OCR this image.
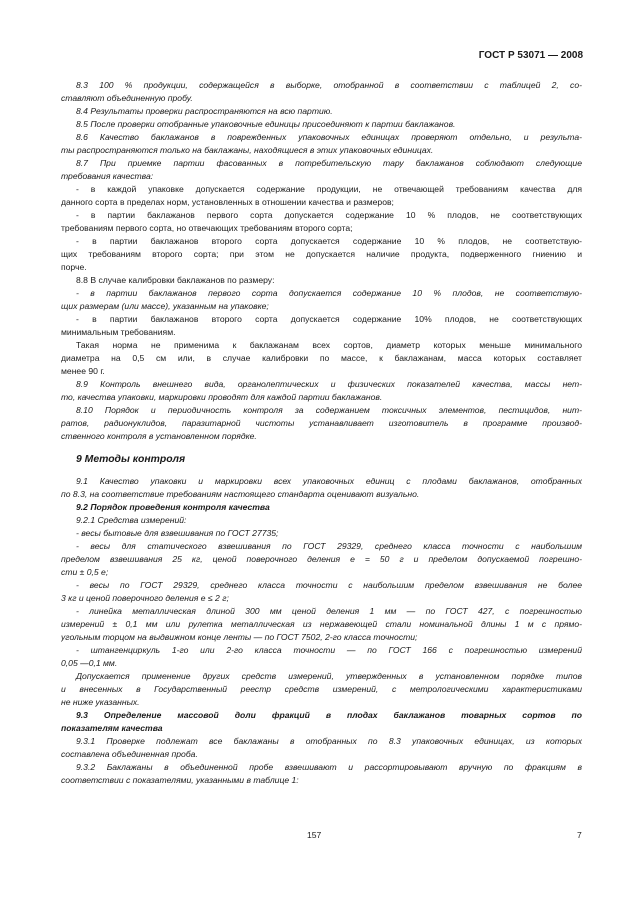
ГОСТ Р 53071 — 2008
8.3 100 % продукции, содержащейся в выборке, отобранной в соответствии с таблицей 2, со-
ставляют объединенную пробу.
8.4 Результаты проверки распространяются на всю партию.
8.5 После проверки отобранные упаковочные единицы присоединяют к партии баклажанов.
8.6 Качество баклажанов в поврежденных упаковочных единицах проверяют отдельно, и результа-
ты распространяются только на баклажаны, находящиеся в этих упаковочных единицах.
8.7 При приемке партии фасованных в потребительскую тару баклажанов соблюдают следующие
требования качества:
- в каждой упаковке допускается содержание продукции, не отвечающей требованиям качества для
данного сорта в пределах норм, установленных в отношении качества и размеров;
- в партии баклажанов первого сорта допускается содержание 10 % плодов, не соответствующих
требованиям первого сорта, но отвечающих требованиям второго сорта;
- в партии баклажанов второго сорта допускается содержание 10 % плодов, не соответствую-
щих требованиям второго сорта; при этом не допускается наличие продукта, подверженного гниению и
порче.
8.8 В случае калибровки баклажанов по размеру:
- в партии баклажанов первого сорта допускается содержание 10 % плодов, не соответствую-
щих размерам (или массе), указанным на упаковке;
- в партии баклажанов второго сорта допускается содержание 10% плодов, не соответствующих
минимальным требованиям.
Такая норма не применима к баклажанам всех сортов, диаметр которых меньше минимального
диаметра на 0,5 см или, в случае калибровки по массе, к баклажанам, масса которых составляет
менее 90 г.
8.9 Контроль внешнего вида, органолептических и физических показателей качества, массы нет-
то, качества упаковки, маркировки проводят для каждой партии баклажанов.
8.10 Порядок и периодичность контроля за содержанием токсичных элементов, пестицидов, нит-
ратов, радионуклидов, паразитарной чистоты устанавливает изготовитель в программе производ-
ственного контроля в установленном порядке.
9 Методы контроля
9.1 Качество упаковки и маркировки всех упаковочных единиц с плодами баклажанов, отобранных
по 8.3, на соответствие требованиям настоящего стандарта оценивают визуально.
9.2 Порядок проведения контроля качества
9.2.1 Средства измерений:
- весы бытовые для взвешивания по ГОСТ 27735;
- весы для статического взвешивания по ГОСТ 29329, среднего класса точности с наибольшим
пределом взвешивания 25 кг, ценой поверочного деления е = 50 г и пределом допускаемой погрешно-
сти ± 0,5 е;
- весы по ГОСТ 29329, среднего класса точности с наибольшим пределом взвешивания не более
3 кг и ценой поверочного деления е ≤ 2 г;
- линейка металлическая длиной 300 мм ценой деления 1 мм — по ГОСТ 427, с погрешностью
измерений ± 0,1 мм или рулетка металлическая из нержавеющей стали номинальной длины 1 м с прямо-
угольным торцом на выдвижном конце ленты — по ГОСТ 7502, 2-го класса точности;
- штангенциркуль 1-го или 2-го класса точности — по ГОСТ 166 с погрешностью измерений
0,05 —0,1 мм.
Допускается применение других средств измерений, утвержденных в установленном порядке типов
и внесенных в Государственный реестр средств измерений, с метрологическими характеристиками
не ниже указанных.
9.3 Определение массовой доли фракций в плодах баклажанов товарных сортов по
показателям качества
9.3.1 Проверке подлежат все баклажаны в отобранных по 8.3 упаковочных единицах, из которых
составлена объединенная проба.
9.3.2 Баклажаны в объединенной пробе взвешивают и рассортировывают вручную по фракциям в
соответствии с показателями, указанными в таблице 1:
157	7
